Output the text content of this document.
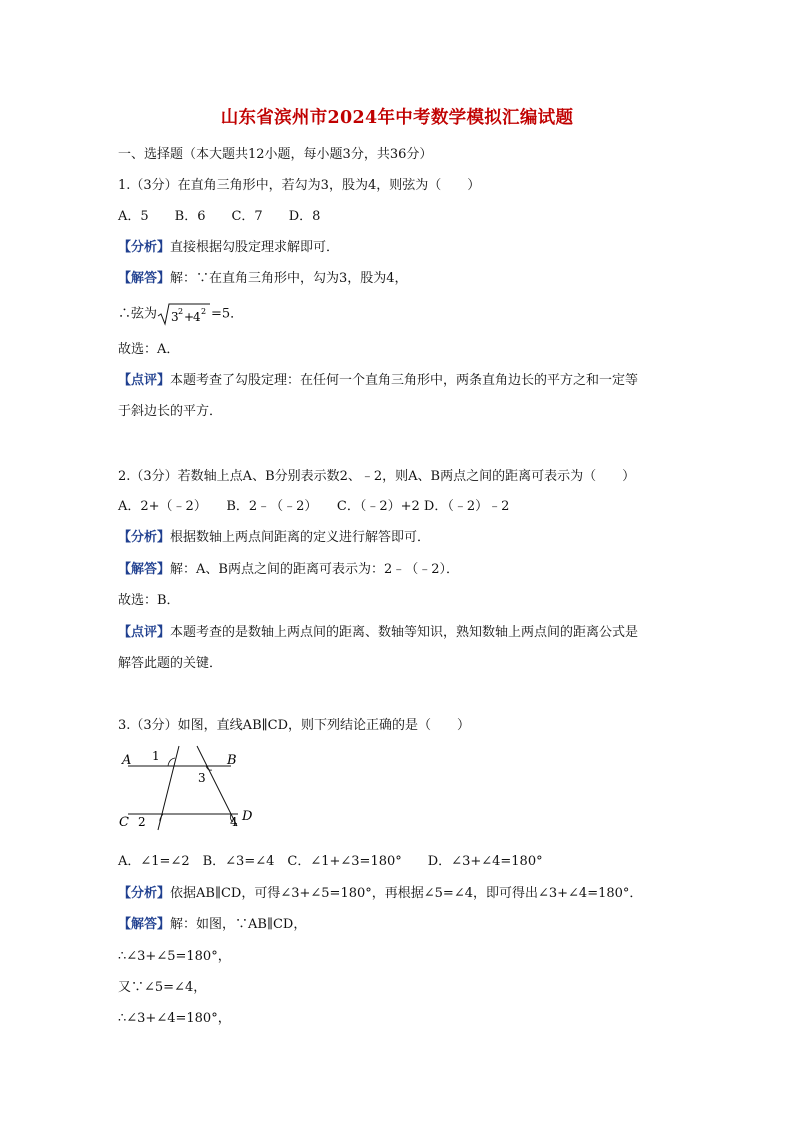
山东省滨州市2024年中考数学模拟汇编试题
一、选择题（本大题共12小题，每小题3分，共36分）
1.（3分）在直角三角形中，若勾为3，股为4，则弦为（　　）
A．5　　B．6　　C．7　　D．8
【分析】直接根据勾股定理求解即可．
【解答】解：∵在直角三角形中，勾为3，股为4，
∴弦为 3 2 +
4 2 =5．
故选：A．
【点评】本题考查了勾股定理：在任何一个直角三角形中，两条直角边长的平方之和一定等
于斜边长的平方．
2.（3分）若数轴上点A、B分别表示数2、﹣2，则A、B两点之间的距离可表示为（　　）
A．2+（﹣2）　　B．2﹣（﹣2）　　C．（﹣2）+2 D．（﹣2）﹣2
【分析】根据数轴上两点间距离的定义进行解答即可．
【解答】解：A、B两点之间的距离可表示为：2﹣（﹣2）．
故选：B．
【点评】本题考查的是数轴上两点间的距离、数轴等知识，熟知数轴上两点间的距离公式是
解答此题的关键．
3.（3分）如图，直线AB∥CD，则下列结论正确的是（　　）
A	B
C	D
1
2
3
4
A．∠1=∠2　B．∠3=∠4　C．∠1+∠3=180°　　D．∠3+∠4=180°
【分析】依据AB∥CD，可得∠3+∠5=180°，再根据∠5=∠4，即可得出∠3+∠4=180°．
【解答】解：如图，∵AB∥CD，
∴∠3+∠5=180°，
又∵∠5=∠4，
∴∠3+∠4=180°，
